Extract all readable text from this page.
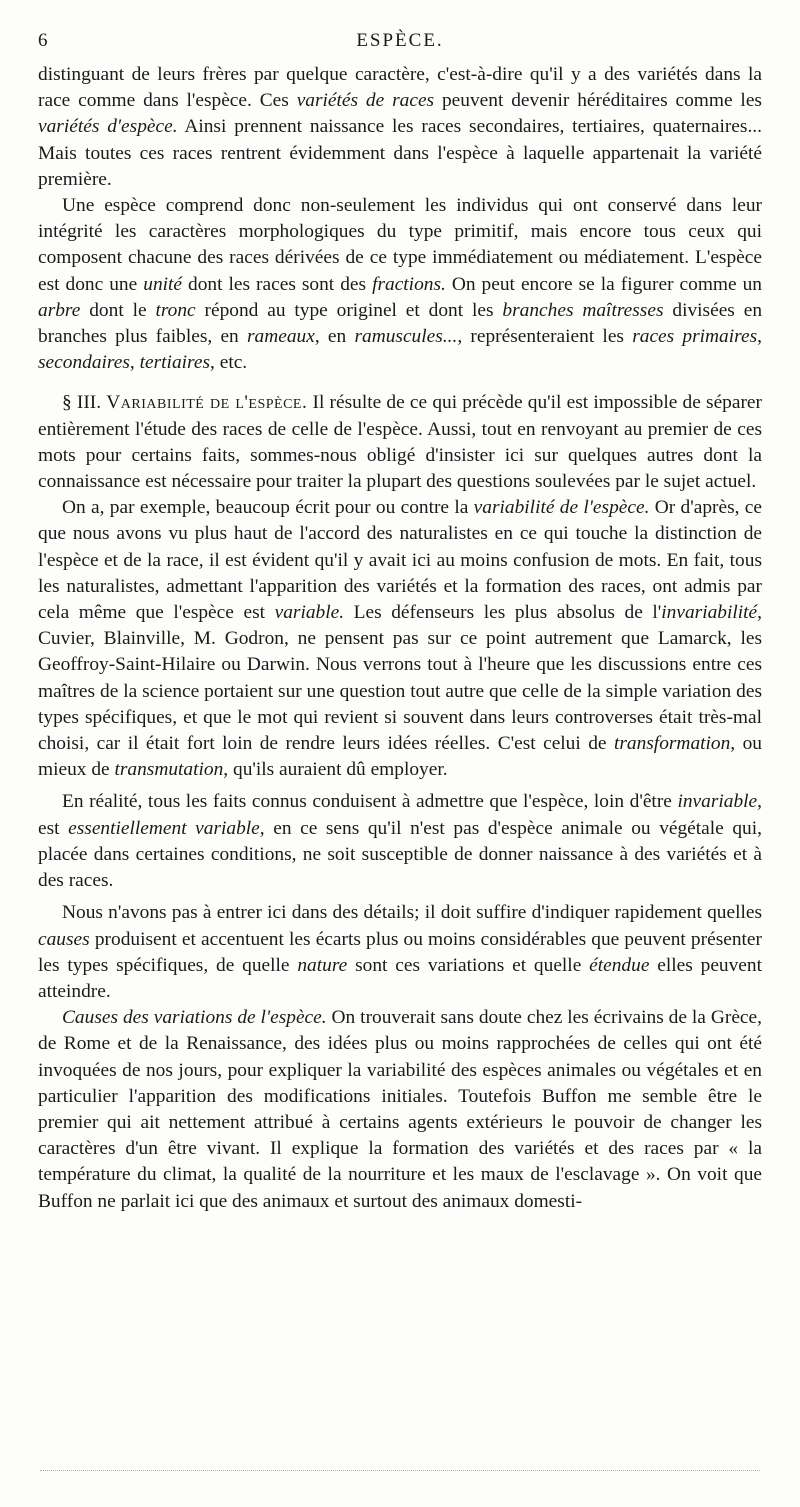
6	ESPÈCE.

distinguant de leurs frères par quelque caractère, c'est-à-dire qu'il y a des variétés dans la race comme dans l'espèce. Ces variétés de races peuvent devenir héréditaires comme les variétés d'espèce. Ainsi prennent naissance les races secondaires, tertiaires, quaternaires... Mais toutes ces races rentrent évidemment dans l'espèce à laquelle appartenait la variété première.

Une espèce comprend donc non-seulement les individus qui ont conservé dans leur intégrité les caractères morphologiques du type primitif, mais encore tous ceux qui composent chacune des races dérivées de ce type immédiatement ou médiatement. L'espèce est donc une unité dont les races sont des fractions. On peut encore se la figurer comme un arbre dont le tronc répond au type originel et dont les branches maîtresses divisées en branches plus faibles, en rameaux, en ramuscules..., représenteraient les races primaires, secondaires, tertiaires, etc.

§ III. Variabilité de l'espèce. Il résulte de ce qui précède qu'il est impossible de séparer entièrement l'étude des races de celle de l'espèce. Aussi, tout en renvoyant au premier de ces mots pour certains faits, sommes-nous obligé d'insister ici sur quelques autres dont la connaissance est nécessaire pour traiter la plupart des questions soulevées par le sujet actuel.

On a, par exemple, beaucoup écrit pour ou contre la variabilité de l'espèce. Or d'après, ce que nous avons vu plus haut de l'accord des naturalistes en ce qui touche la distinction de l'espèce et de la race, il est évident qu'il y avait ici au moins confusion de mots. En fait, tous les naturalistes, admettant l'apparition des variétés et la formation des races, ont admis par cela même que l'espèce est variable. Les défenseurs les plus absolus de l'invariabilité, Cuvier, Blainville, M. Godron, ne pensent pas sur ce point autrement que Lamarck, les Geoffroy-Saint-Hilaire ou Darwin. Nous verrons tout à l'heure que les discussions entre ces maîtres de la science portaient sur une question tout autre que celle de la simple variation des types spécifiques, et que le mot qui revient si souvent dans leurs controverses était très-mal choisi, car il était fort loin de rendre leurs idées réelles. C'est celui de transformation, ou mieux de transmutation, qu'ils auraient dû employer.

En réalité, tous les faits connus conduisent à admettre que l'espèce, loin d'être invariable, est essentiellement variable, en ce sens qu'il n'est pas d'espèce animale ou végétale qui, placée dans certaines conditions, ne soit susceptible de donner naissance à des variétés et à des races.

Nous n'avons pas à entrer ici dans des détails; il doit suffire d'indiquer rapidement quelles causes produisent et accentuent les écarts plus ou moins considérables que peuvent présenter les types spécifiques, de quelle nature sont ces variations et quelle étendue elles peuvent atteindre.

Causes des variations de l'espèce. On trouverait sans doute chez les écrivains de la Grèce, de Rome et de la Renaissance, des idées plus ou moins rapprochées de celles qui ont été invoquées de nos jours, pour expliquer la variabilité des espèces animales ou végétales et en particulier l'apparition des modifications initiales. Toutefois Buffon me semble être le premier qui ait nettement attribué à certains agents extérieurs le pouvoir de changer les caractères d'un être vivant. Il explique la formation des variétés et des races par « la température du climat, la qualité de la nourriture et les maux de l'esclavage ». On voit que Buffon ne parlait ici que des animaux et surtout des animaux domesti-
